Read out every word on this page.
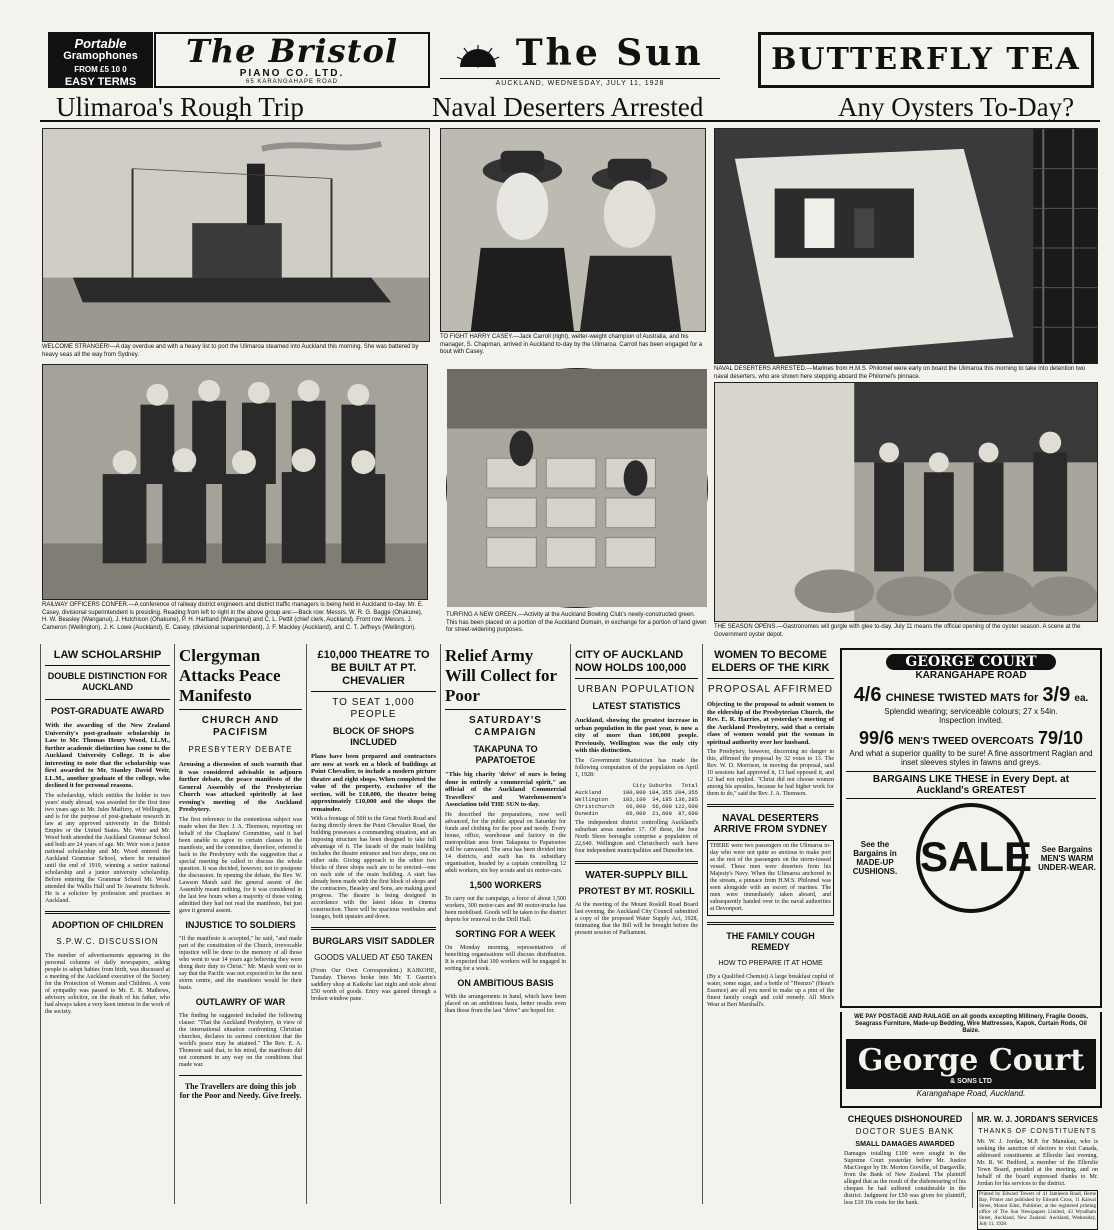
Portable
Gramophones
FROM £5 10 0
EASY TERMS
The Bristol
PIANO CO. LTD.
65 KARANGAHAPE ROAD
The Sun
AUCKLAND, WEDNESDAY, JULY 11, 1928
BUTTERFLY TEA
Ulimaroa's Rough Trip	Naval Deserters Arrested	Any Oysters To-Day?
WELCOME STRANGER!—A day overdue and with a heavy list to port the Ulimaroa steamed into Auckland this morning. She was battered by heavy seas all the way from Sydney.
TO FIGHT HARRY CASEY.—Jack Carroll (right), welter-weight champion of Australia, and his manager, S. Chapman, arrived in Auckland to-day by the Ulimaroa. Carroll has been engaged for a bout with Casey.
NAVAL DESERTERS ARRESTED.—Marines from H.M.S. Philomel were early on board the Ulimaroa this morning to take into detention two naval deserters, who are shown here stepping aboard the Philomel's pinnace.
RAILWAY OFFICERS CONFER.—A conference of railway district engineers and district traffic managers is being held in Auckland to-day. Mr. E. Casey, divisional superintendent is presiding. Reading from left to right in the above group are:—Back row: Messrs. W. R. G. Bagge (Ohakune), H. W. Beasley (Wanganui), J. Hutchison (Ohakune), P. H. Hartland (Wanganui) and C. L. Pettit (chief clerk, Auckland). Front row: Messrs. J. Cameron (Wellington), J. K. Lowe (Auckland), E. Casey, (divisional superintendent), J. F. Mackley (Auckland), and C. T. Jeffreys (Wellington).
TURFING A NEW GREEN.—Activity at the Auckland Bowling Club's newly-constructed green. This has been placed on a portion of the Auckland Domain, in exchange for a portion of land given for street-widening purposes.	THE SEASON OPENS.—Gastronomes will gurgle with glee to-day. July 11 means the official opening of the oyster season. A scene at the Government oyster depot.
LAW SCHOLARSHIP
DOUBLE DISTINCTION FOR AUCKLAND
POST-GRADUATE AWARD
With the awarding of the New Zealand University's post-graduate scholarship in Law to Mr. Thomas Henry Wood, LL.M., further academic distinction has come to the Auckland University College. It is also interesting to note that the scholarship was first awarded to Mr. Stanley David Weir, LL.M., another graduate of the college, who declined it for personal reasons.
The scholarship, which entitles the holder to two years' study abroad, was awarded for the first time two years ago to Mr. Jules Maiftroy, of Wellington, and is for the purpose of post-graduate research in law at any approved university in the British Empire or the United States. Mr. Weir and Mr. Wood both attended the Auckland Grammar School and both are 24 years of age. Mr. Weir won a junior national scholarship and Mr. Wood entered the Auckland Grammar School, where he remained until the end of 1919, winning a senior national scholarship and a junior university scholarship. Before entering the Grammar School Mr. Wood attended the Wallis Hall and Te Awamutu Schools. He is a solicitor by profession and practises in Auckland.
ADOPTION OF CHILDREN
S.P.W.C. DISCUSSION
The number of advertisements appearing in the personal columns of daily newspapers, asking people to adopt babies from birth, was discussed at a meeting of the Auckland executive of the Society for the Protection of Women and Children. A vote of sympathy was passed to Mr. E. R. Mathews, advisory solicitor, on the death of his father, who had always taken a very keen interest in the work of the society.
Clergyman Attacks Peace Manifesto
CHURCH AND PACIFISM
PRESBYTERY DEBATE
Arousing a discussion of such warmth that it was considered advisable to adjourn further debate, the peace manifesto of the General Assembly of the Presbyterian Church was attacked spiritedly at last evening's meeting of the Auckland Presbytery.
The first reference to the contentious subject was made when the Rev. J. A. Thomson, reporting on behalf of the Chaplains' Committee, said it had been unable to agree to certain clauses in the manifesto, and the committee, therefore, referred it back to the Presbytery with the suggestion that a special meeting be called to discuss the whole question. It was decided, however, not to postpone the discussion. In opening the debate, the Rev. W. Lawson Marsh said the general assent of the Assembly meant nothing, for it was considered in the last few hours when a majority of those voting admitted they had not read the manifesto, but just gave it general assent.
INJUSTICE TO SOLDIERS
"If the manifesto is accepted," he said, "and made part of the constitution of the Church, irrevocable injustice will be done to the memory of all those who went to war 14 years ago believing they were doing their duty to Christ." Mr. Marsh went on to say that the Pacific was not expected to be the next storm centre, and the manifesto would be their basis.
OUTLAWRY OF WAR
The finding he suggested included the following clause: "That the Auckland Presbytery, in view of the international situation confronting Christian churches, declares its earnest conviction that the world's peace may be attained." The Rev. E. A. Thomson said that, to his mind, the manifesto did not comment in any way on the conditions that made war.
The Travellers are doing this job for the Poor and Needy. Give freely.
£10,000 THEATRE TO BE BUILT AT PT. CHEVALIER
TO SEAT 1,000 PEOPLE
BLOCK OF SHOPS INCLUDED
Plans have been prepared and contractors are now at work on a block of buildings at Point Chevalier, to include a modern picture theatre and eight shops. When completed the value of the property, exclusive of the section, will be £18,000, the theatre being approximately £10,000 and the shops the remainder.
With a frontage of 50ft to the Great North Road and facing directly down the Point Chevalier Road, the building possesses a commanding situation, and an imposing structure has been designed to take full advantage of it. The facade of the main building includes the theatre entrance and two shops, one on either side. Giving approach to the editor two blocks of three shops each are to be erected—one on each side of the main building. A start has already been made with the first block of shops and the contractors, Beasley and Sons, are making good progress. The theatre is being designed in accordance with the latest ideas in cinema construction. There will be spacious vestibules and lounges, both upstairs and down.
BURGLARS VISIT SADDLER
GOODS VALUED AT £50 TAKEN
(From Our Own Correspondent.) KAIKOHE, Tuesday. Thieves broke into Mr. T. Guerin's saddlery shop at Kaikohe last night and stole about £50 worth of goods. Entry was gained through a broken window pane.
Relief Army Will Collect for Poor
SATURDAY'S CAMPAIGN
TAKAPUNA TO PAPATOETOE
"This big charity 'drive' of ours is being done in entirely a commercial spirit," an official of the Auckland Commercial Travellers' and Warehousemen's Association told THE SUN to-day.
He described the preparations, now well advanced, for the public appeal on Saturday for funds and clothing for the poor and needy. Every house, office, warehouse and factory in the metropolitan area from Takapuna to Papatoetoe will be canvassed. The area has been divided into 14 districts, and each has its subsidiary organisation, headed by a captain controlling 12 adult workers, six boy scouts and six motor-cars.
1,500 WORKERS
To carry out the campaign, a force of about 1,500 workers, 300 motor-cars and 80 motor-trucks has been mobilised. Goods will be taken to the district depots for removal to the Drill Hall.
SORTING FOR A WEEK
On Monday morning, representatives of benefiting organisations will discuss distribution. It is expected that 100 workers will be engaged in sorting for a week.
ON AMBITIOUS BASIS
With the arrangements in hand, which have been placed on an ambitious basis, better results even than those from the last "drive" are hoped for.
CITY OF AUCKLAND NOW HOLDS 100,000
URBAN POPULATION
LATEST STATISTICS
Auckland, showing the greatest increase in urban population in the past year, is now a city of more than 100,000 people. Previously, Wellington was the only city with this distinction.
The Government Statistician has made the following computation of the population on April 1, 1928:
	City	Suburbs	Total
Auckland	100,000	104,355	204,355
Wellington	102,100	34,185	136,285
Christchurch	66,000	56,600	122,600
Dunedin	66,000	21,600	87,600
The independent district controlling Auckland's suburban areas number 17. Of these, the four North Shore boroughs comprise a population of 22,640. Wellington and Christchurch each have four independent municipalities and Dunedin ten.
WATER-SUPPLY BILL
PROTEST BY MT. ROSKILL
At the meeting of the Mount Roskill Road Board last evening, the Auckland City Council submitted a copy of the proposed Water Supply Act, 1928, intimating that the Bill will be brought before the present session of Parliament.
WOMEN TO BECOME ELDERS OF THE KIRK
PROPOSAL AFFIRMED
Objecting to the proposal to admit women to the eldership of the Presbyterian Church, the Rev. E. R. Harries, at yesterday's meeting of the Auckland Presbytery, said that a certain class of women would put the woman in spiritual authority over her husband.
The Presbytery, however, discerning no danger in this, affirmed the proposal by 32 votes to 13. The Rev. W. D. Morrison, in moving the proposal, said 10 sessions had approved it, 13 had opposed it, and 12 had not replied. "Christ did not choose women among his apostles, because he had higher work for them to do," said the Rev. J. A. Thomson.
NAVAL DESERTERS ARRIVE FROM SYDNEY
THERE were two passengers on the Ulimaroa to-day who were not quite so anxious to make port as the rest of the passengers on the storm-tossed vessel. These men were deserters from his Majesty's Navy. When the Ulimaroa anchored in the stream, a pinnace from H.M.S. Philomel was seen alongside with an escort of marines. The men were immediately taken aboard, and subsequently handed over to the naval authorities at Devonport.
THE FAMILY COUGH REMEDY
HOW TO PREPARE IT AT HOME
(By a Qualified Chemist) A large breakfast cupful of water, some sugar, and a bottle of "Heenzo" (Hean's Essence) are all you need to make up a pint of the finest family cough and cold remedy. All Men's Wear at Bert Marshall's.
GEORGE COURT
KARANGAHAPE ROAD
4/6 CHINESE TWISTED MATS for 3/9 ea.
Splendid wearing; serviceable colours; 27 x 54in.
Inspection invited.
99/6 MEN'S TWEED OVERCOATS 79/10
And what a superior quality to be sure! A fine assortment Raglan and inset sleeves styles in fawns and greys.
BARGAINS LIKE THESE in Every Dept. at Auckland's GREATEST
See the Bargains in MADE-UP CUSHIONS. SALE	See Bargains MEN'S WARM UNDER-WEAR.
WE PAY POSTAGE AND RAILAGE on all goods excepting Millinery, Fragile Goods, Seagrass Furniture, Made-up Bedding, Wire Mattresses, Kapok, Curtain Rods, Oil Baize.
George Court
& SONS LTD
Karangahape Road, Auckland.
CHEQUES DISHONOURED
DOCTOR SUES BANK
SMALL DAMAGES AWARDED
Damages totalling £100 were sought in the Supreme Court yesterday before Mr. Justice MacGregor by Dr. Morton Greville, of Dargaville, from the Bank of New Zealand. The plaintiff alleged that as the result of the dishonouring of his cheques he had suffered considerable in the district. Judgment for £50 was given for plaintiff, less £10 10s costs for the bank.
MR. W. J. JORDAN'S SERVICES
THANKS OF CONSTITUENTS
Mr. W. J. Jordan, M.P. for Manukau, who is seeking the sanction of electors to visit Canada, addressed constituents at Ellerslie last evening. Mr. R. W. Bedford, a member of the Ellerslie Town Board, presided at the meeting, and on behalf of the board expressed thanks to Mr. Jordan for his services to the district.
Printed by Edward Towers of 41 Jamieson Road, Herne Bay, Printer and published by Edward Cross, 11 Kaiwai Street, Mount Eden, Publisher, at the registered printing office of The Sun Newspapers Limited, 43 Wyndham Street, Auckland, New Zealand. Auckland, Wednesday, July 11, 1928.
